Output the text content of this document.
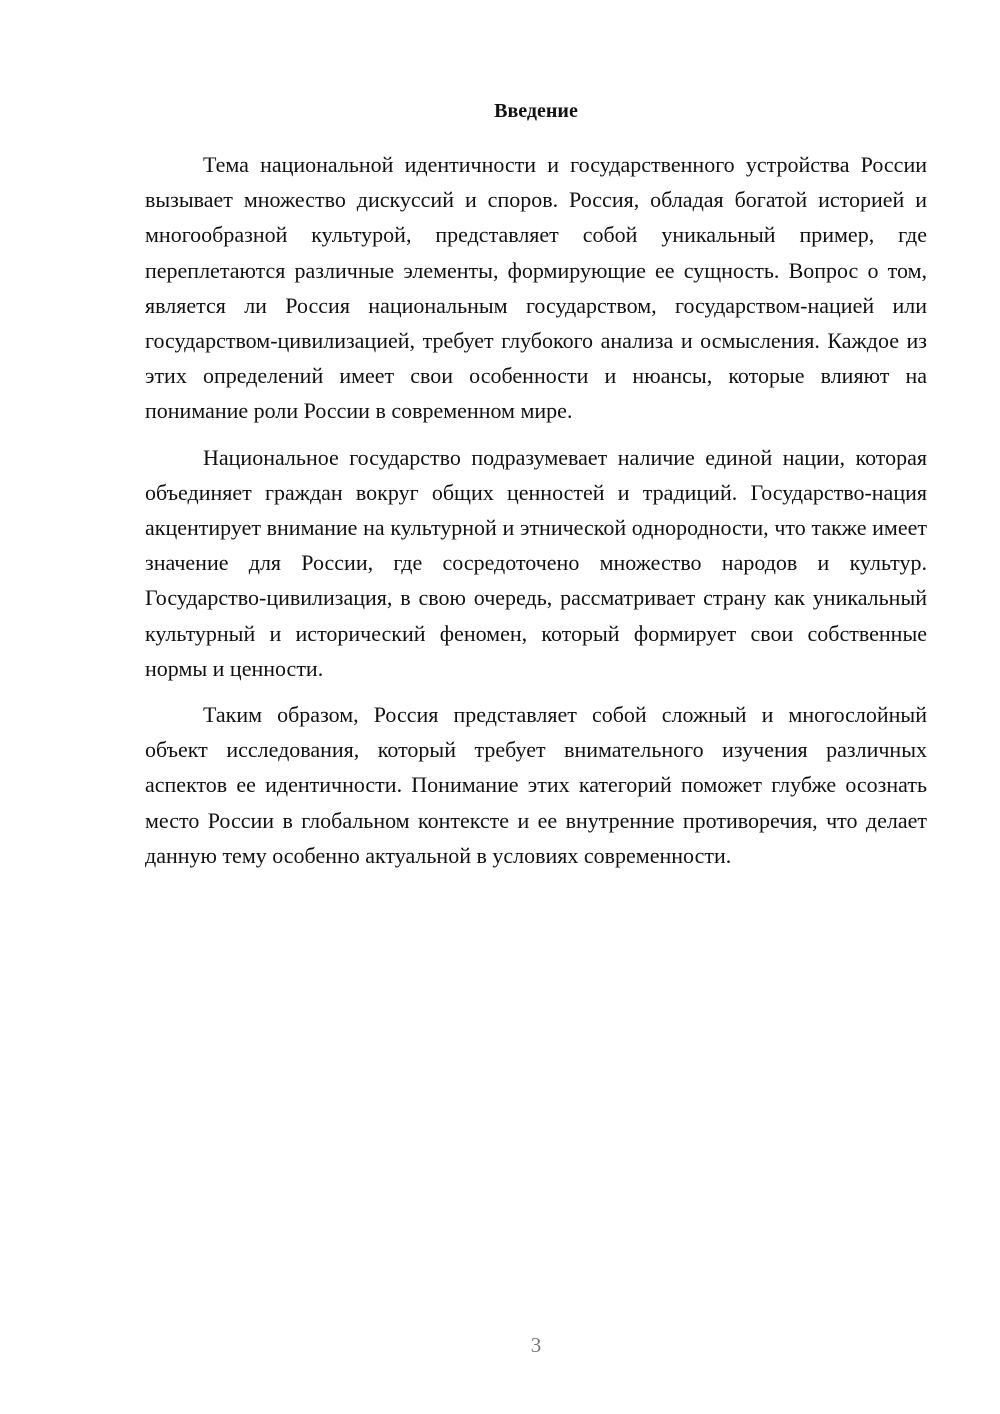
Введение

Тема национальной идентичности и государственного устройства России вызывает множество дискуссий и споров. Россия, обладая богатой историей и многообразной культурой, представляет собой уникальный пример, где переплетаются различные элементы, формирующие ее сущность. Вопрос о том, является ли Россия национальным государством, государством-нацией или государством-цивилизацией, требует глубокого анализа и осмысления. Каждое из этих определений имеет свои особенности и нюансы, которые влияют на понимание роли России в современном мире.

Национальное государство подразумевает наличие единой нации, которая объединяет граждан вокруг общих ценностей и традиций. Государство-нация акцентирует внимание на культурной и этнической однородности, что также имеет значение для России, где сосредоточено множество народов и культур. Государство-цивилизация, в свою очередь, рассматривает страну как уникальный культурный и исторический феномен, который формирует свои собственные нормы и ценности.

Таким образом, Россия представляет собой сложный и многослойный объект исследования, который требует внимательного изучения различных аспектов ее идентичности. Понимание этих категорий поможет глубже осознать место России в глобальном контексте и ее внутренние противоречия, что делает данную тему особенно актуальной в условиях современности.

3
